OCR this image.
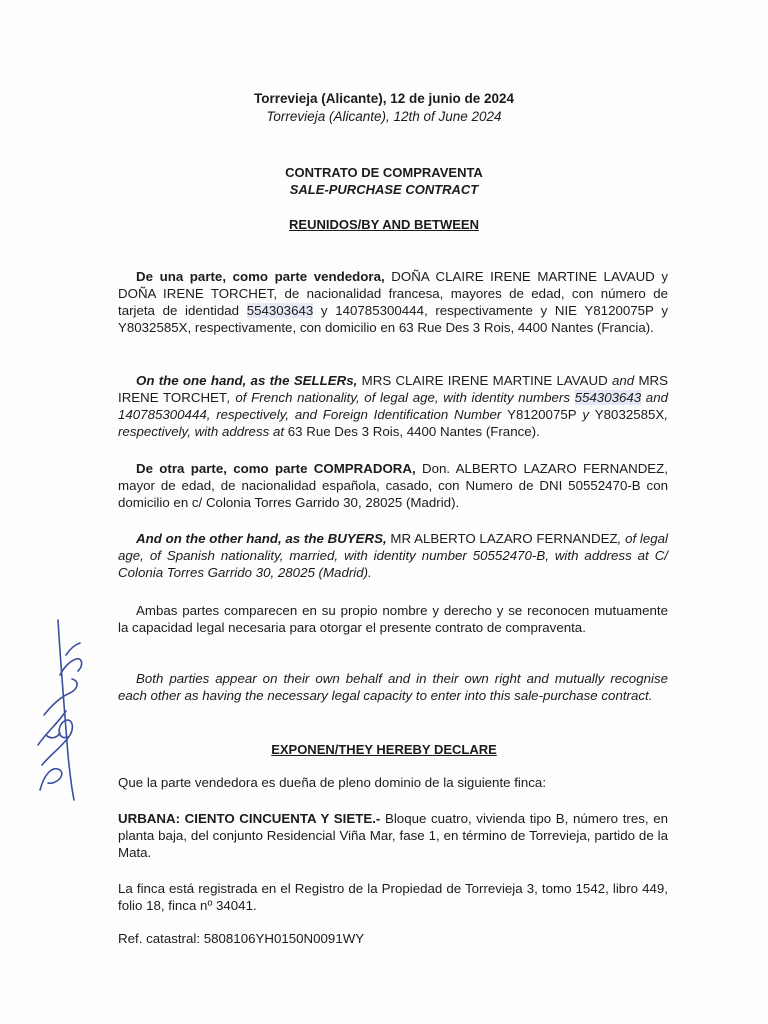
Torrevieja (Alicante), 12 de junio de 2024
Torrevieja (Alicante), 12th of June 2024
CONTRATO DE COMPRAVENTA
SALE-PURCHASE CONTRACT
REUNIDOS/BY AND BETWEEN

De una parte, como parte vendedora, DOÑA CLAIRE IRENE MARTINE LAVAUD y DOÑA IRENE TORCHET, de nacionalidad francesa, mayores de edad, con número de tarjeta de identidad 554303643 y 140785300444, respectivamente y NIE Y8120075P y Y8032585X, respectivamente, con domicilio en 63 Rue Des 3 Rois, 4400 Nantes (Francia).

On the one hand, as the SELLERs, MRS CLAIRE IRENE MARTINE LAVAUD and MRS IRENE TORCHET, of French nationality, of legal age, with identity numbers 554303643 and 140785300444, respectively, and Foreign Identification Number Y8120075P y Y8032585X, respectively, with address at 63 Rue Des 3 Rois, 4400 Nantes (France).

De otra parte, como parte COMPRADORA, Don. ALBERTO LAZARO FERNANDEZ, mayor de edad, de nacionalidad española, casado, con Numero de DNI 50552470-B con domicilio en c/ Colonia Torres Garrido 30, 28025 (Madrid).

And on the other hand, as the BUYERS, MR ALBERTO LAZARO FERNANDEZ, of legal age, of Spanish nationality, married, with identity number 50552470-B, with address at C/ Colonia Torres Garrido 30, 28025 (Madrid).

Ambas partes comparecen en su propio nombre y derecho y se reconocen mutuamente la capacidad legal necesaria para otorgar el presente contrato de compraventa.

Both parties appear on their own behalf and in their own right and mutually recognise each other as having the necessary legal capacity to enter into this sale-purchase contract.

EXPONEN/THEY HEREBY DECLARE

Que la parte vendedora es dueña de pleno dominio de la siguiente finca:

URBANA: CIENTO CINCUENTA Y SIETE.- Bloque cuatro, vivienda tipo B, número tres, en planta baja, del conjunto Residencial Viña Mar, fase 1, en término de Torrevieja, partido de la Mata.

La finca está registrada en el Registro de la Propiedad de Torrevieja 3, tomo 1542, libro 449, folio 18, finca nº 34041.

Ref. catastral: 5808106YH0150N0091WY
